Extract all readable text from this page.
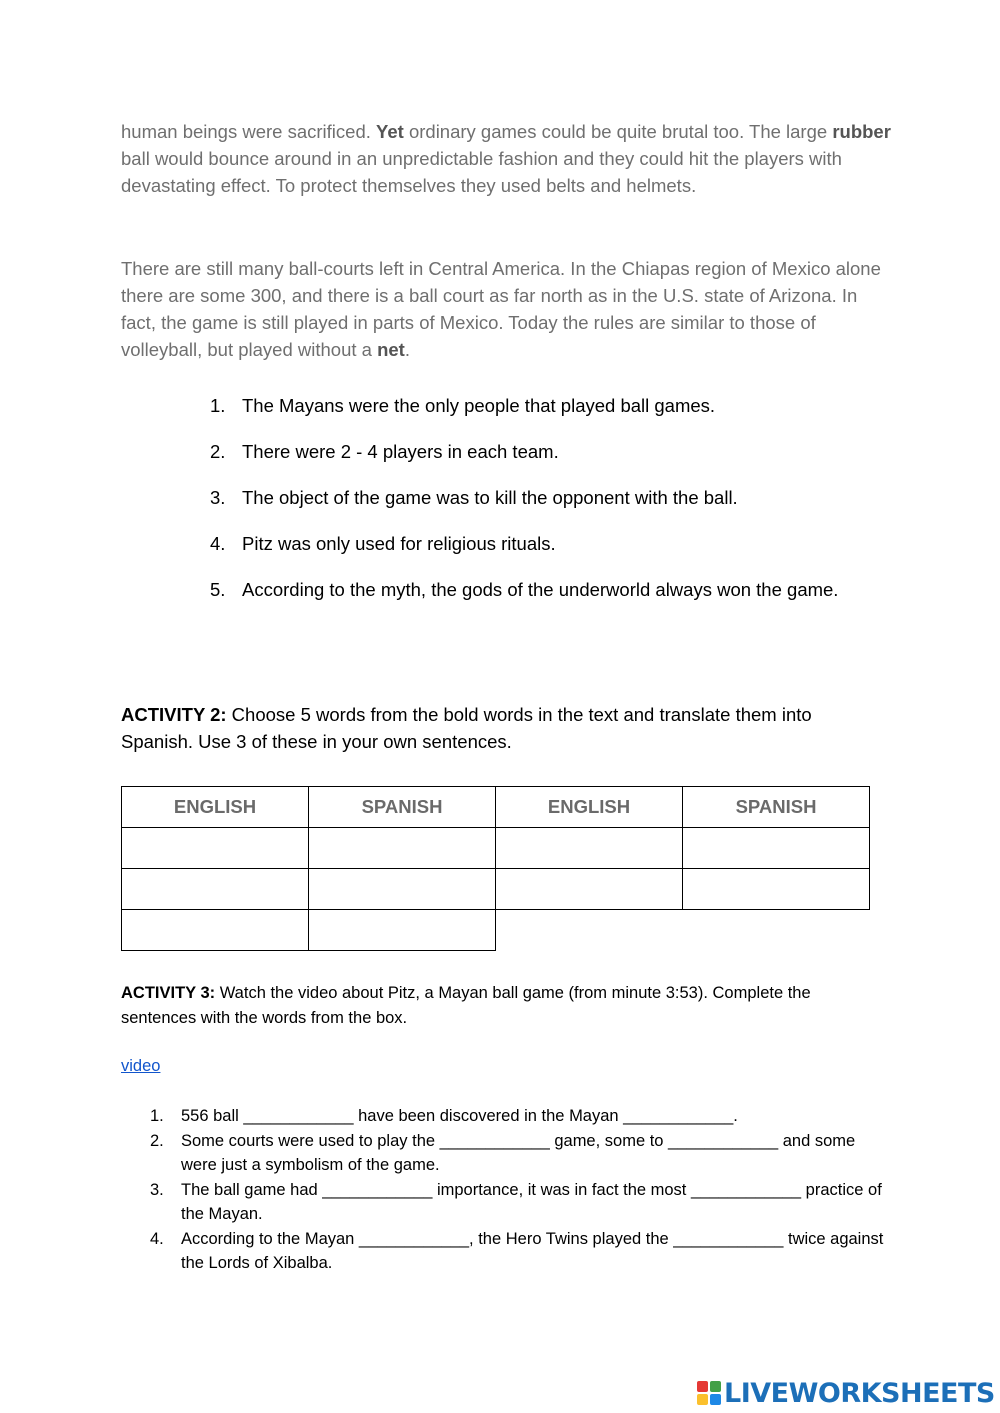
human beings were sacrificed. Yet ordinary games could be quite brutal too. The large rubber ball would bounce around in an unpredictable fashion and they could hit the players with devastating effect. To protect themselves they used belts and helmets.
There are still many ball-courts left in Central America. In the Chiapas region of Mexico alone there are some 300, and there is a ball court as far north as in the U.S. state of Arizona. In fact, the game is still played in parts of Mexico. Today the rules are similar to those of volleyball, but played without a net.
1. The Mayans were the only people that played ball games.
2. There were 2 - 4 players in each team.
3. The object of the game was to kill the opponent with the ball.
4. Pitz was only used for religious rituals.
5. According to the myth, the gods of the underworld always won the game.
ACTIVITY 2: Choose 5 words from the bold words in the text and translate them into Spanish. Use 3 of these in your own sentences.
ENGLISH	SPANISH	ENGLISH	SPANISH

ACTIVITY 3: Watch the video about Pitz, a Mayan ball game (from minute 3:53). Complete the sentences with the words from the box.
video
1. 556 ball ____________ have been discovered in the Mayan ____________.
2. Some courts were used to play the ____________ game, some to ____________ and some were just a symbolism of the game.
3. The ball game had ____________ importance, it was in fact the most ____________ practice of the Mayan.
4. According to the Mayan ____________, the Hero Twins played the ____________ twice against the Lords of Xibalba.
LIVEWORKSHEETS
